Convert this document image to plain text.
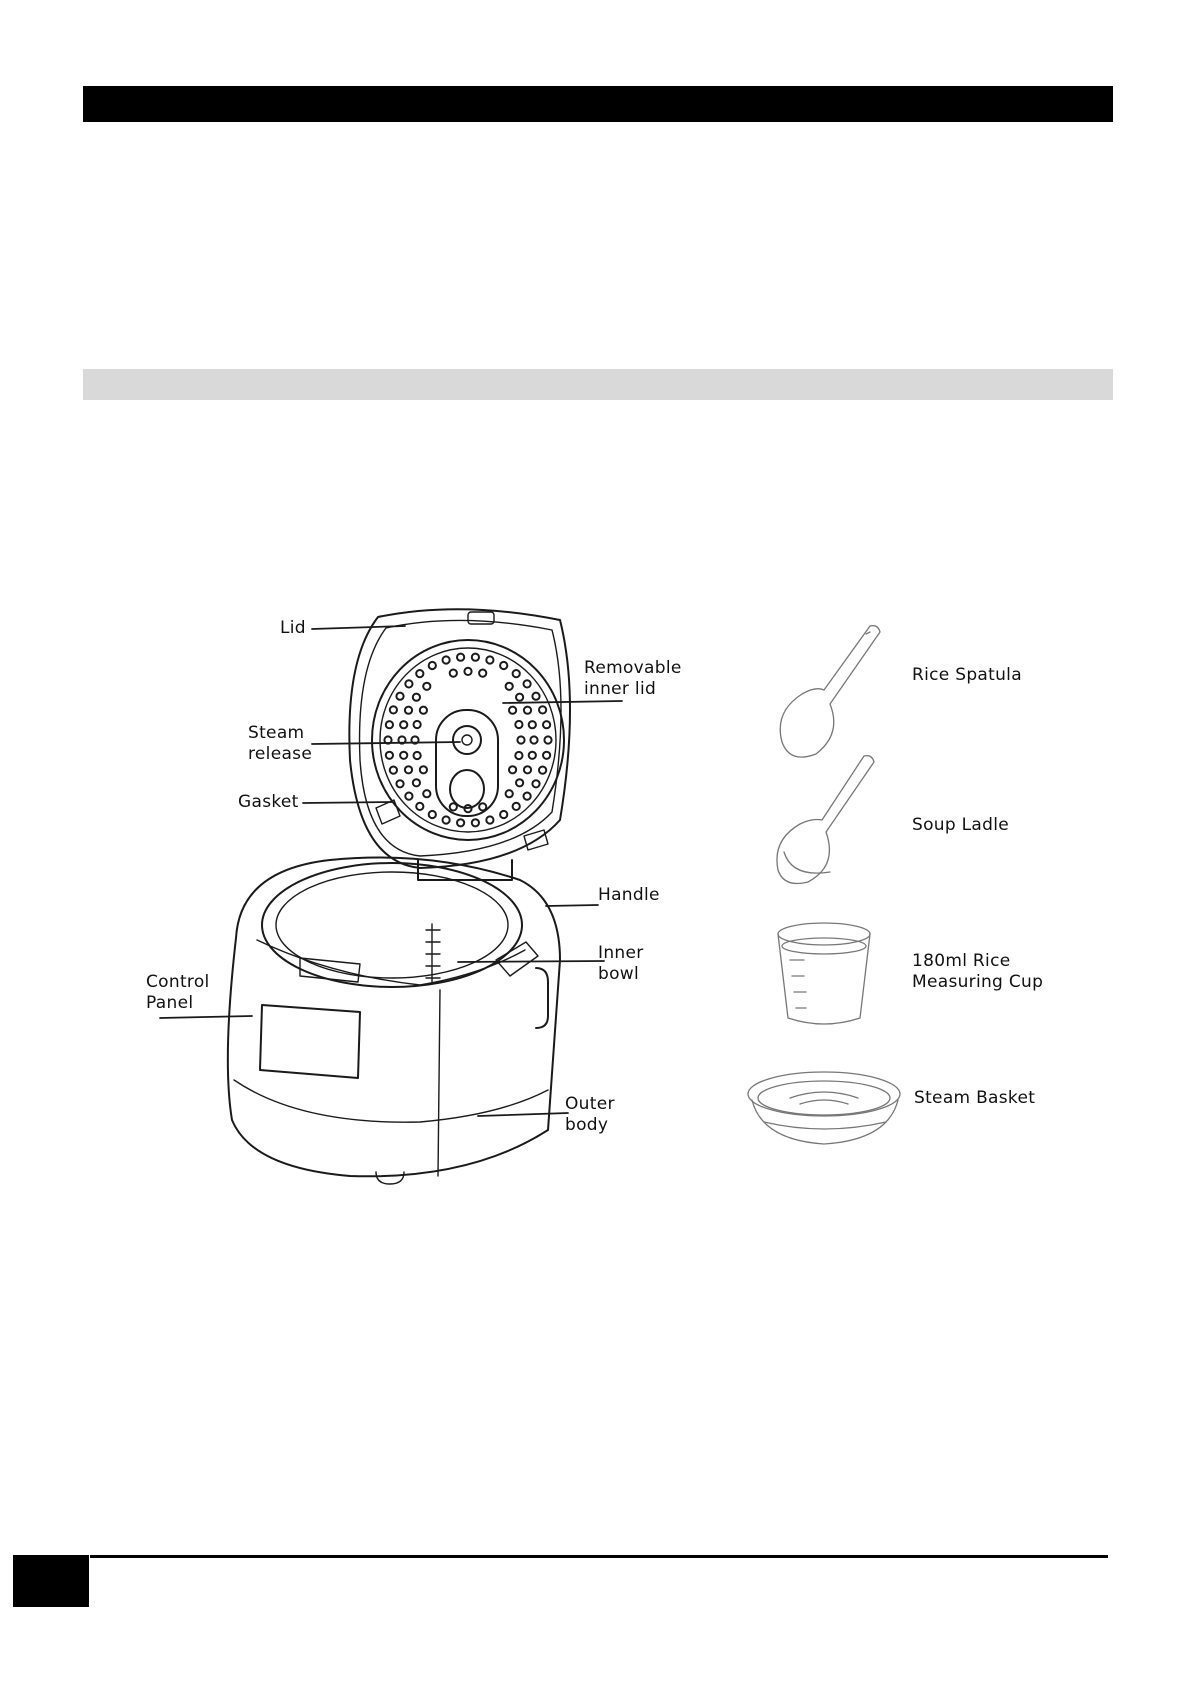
Lid
Removable
inner lid
Steam
release
Gasket
Handle
Control
Panel
Inner
bowl
Outer
body
Rice Spatula
Soup Ladle
180ml Rice
Measuring Cup
Steam Basket
